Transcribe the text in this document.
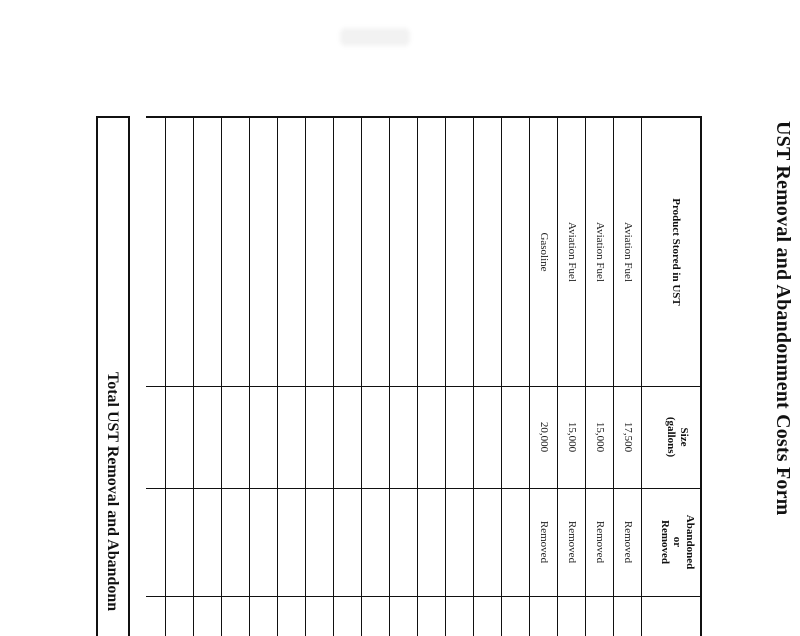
UST Removal and Abandonment Costs Form
Product Stored in UST
Size
(gallons)
Abandoned
or
Removed
Aviation Fuel
17,500
Removed
Aviation Fuel
15,000
Removed
Aviation Fuel
15,000
Removed
Gasoline
20,000
Removed
Total UST Removal and Abandonn
